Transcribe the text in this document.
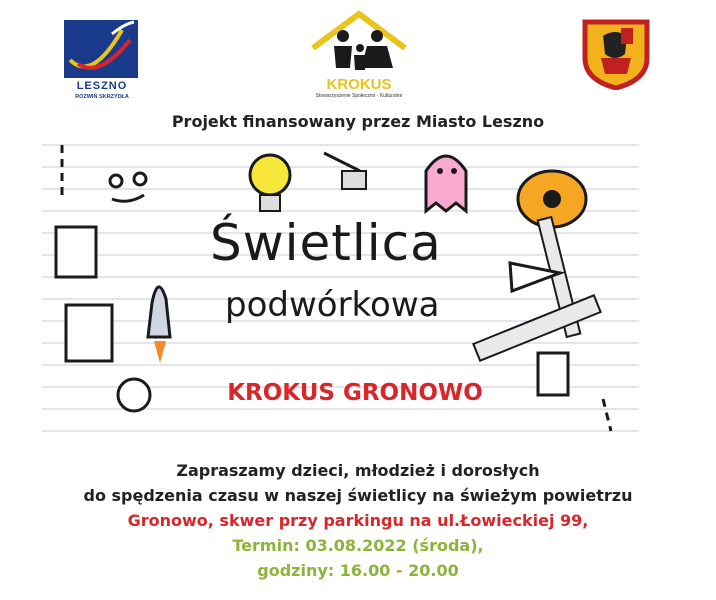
LESZNO
ROZWIŃ SKRZYDŁA
KROKUS
Stowarzyszenie Społeczno - Kulturalne
Projekt finansowany przez Miasto Leszno
Świetlica
podwórkowa
KROKUS GRONOWO
Zapraszamy dzieci, młodzież i dorosłych
do spędzenia czasu w naszej świetlicy na świeżym powietrzu
Gronowo, skwer przy parkingu na ul.Łowieckiej 99,
Termin: 03.08.2022 (środa),
godziny: 16.00 - 20.00
